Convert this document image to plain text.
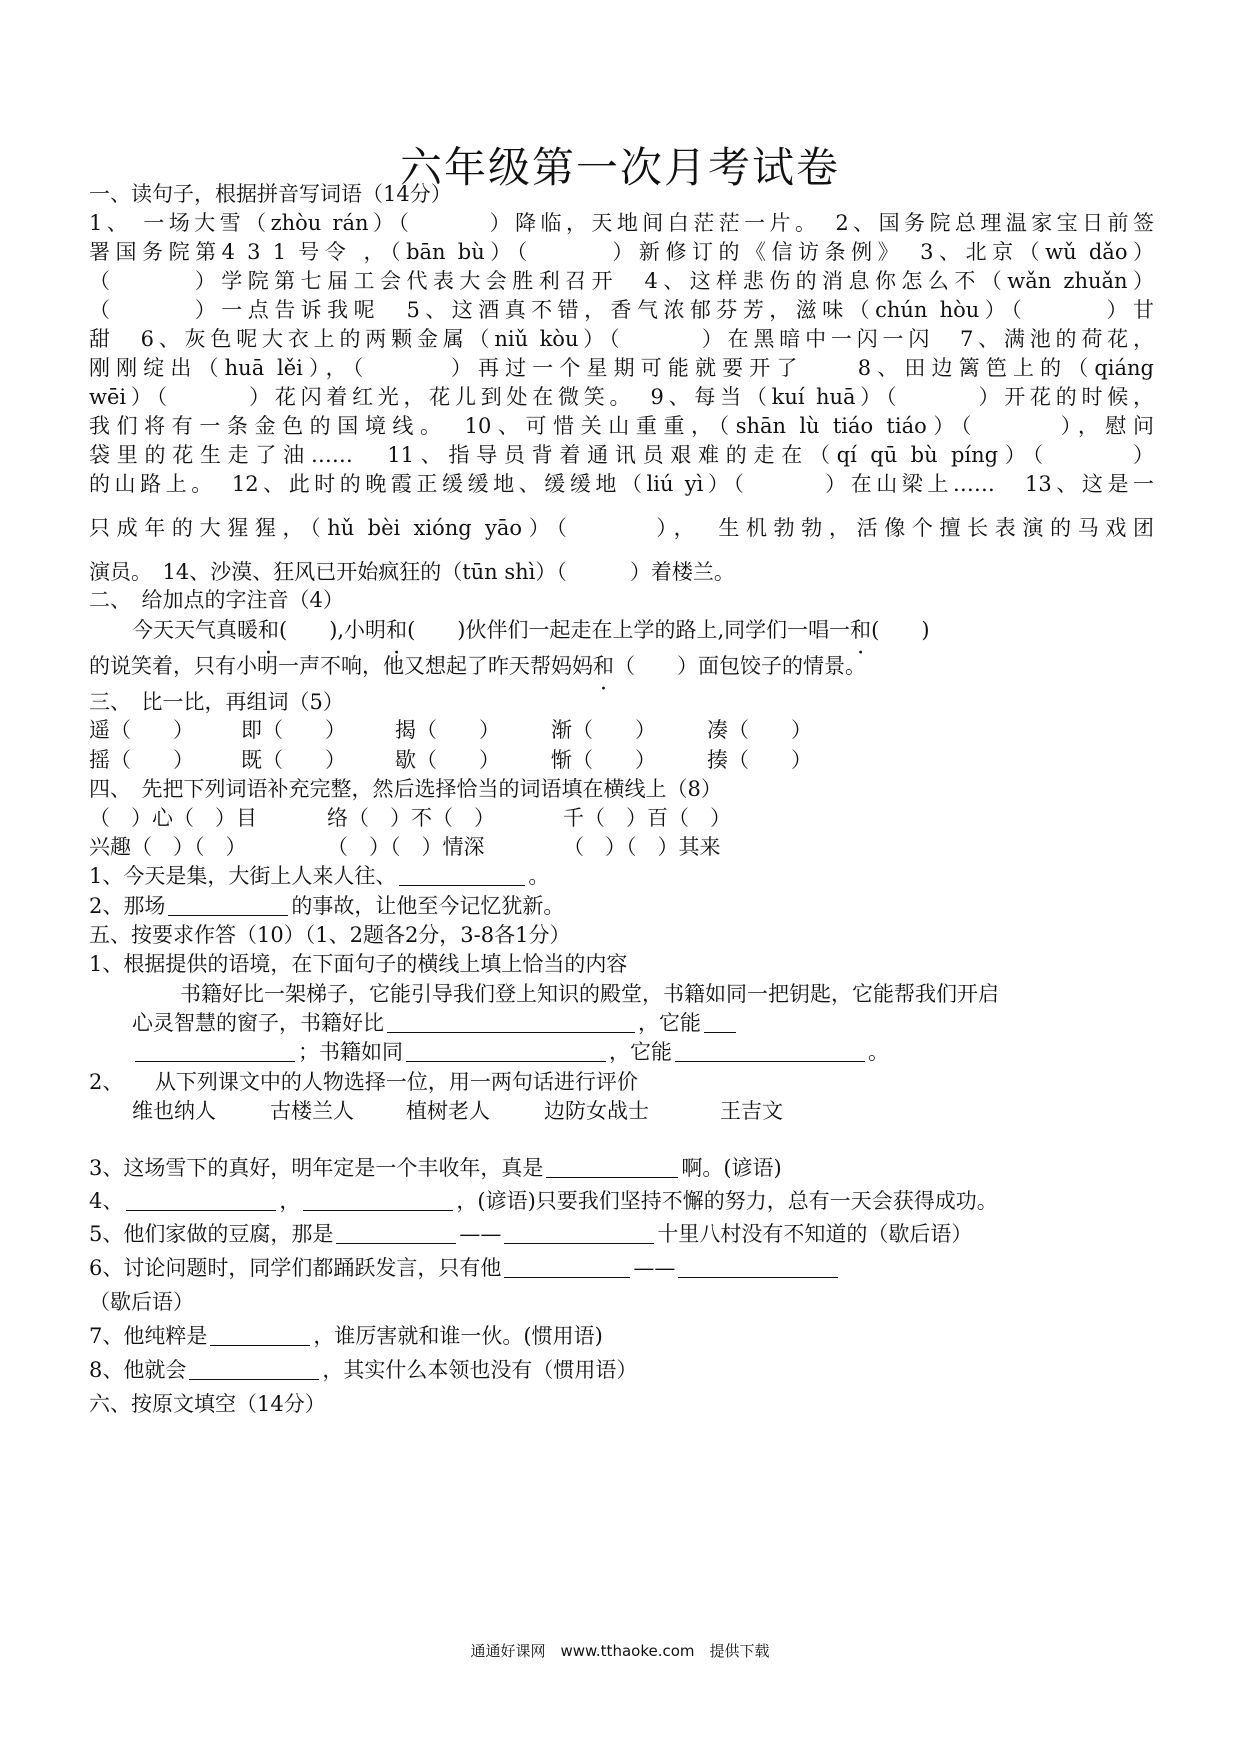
六年级第一次月考试卷
一、读句子，根据拼音写词语（14分）
1、 一场大雪（zhòu rán）（　　　）降临，天地间白茫茫一片。　2、国务院总理温家宝日前签
署国务院第4 3 1 号令 ，（bān bù）（　　　）新修订的《信访条例》　3、北京（wǔ dǎo）
（　　　）学院第七届工会代表大会胜利召开　4、这样悲伤的消息你怎么不（wǎn zhuǎn）
（　　　）一点告诉我呢　5、这酒真不错，香气浓郁芬芳，滋味（chún hòu）（　　　）甘
甜　6、灰色呢大衣上的两颗金属（niǔ kòu）（　　　）在黑暗中一闪一闪　7、满池的荷花，
刚刚绽出（huā lěi），（　　　）再过一个星期可能就要开了　　8、田边篱笆上的（qiáng
wēi）（　　　）花闪着红光，花儿到处在微笑。　9、每当（kuí huā）（　　　）开花的时候，
我们将有一条金色的国境线。　10、可惜关山重重，（shān lù tiáo tiáo）（　　　），慰问
袋里的花生走了油……　11、指导员背着通讯员艰难的走在（qí qū bù píng）（　　　）
的山路上。　12、此时的晚霞正缓缓地、缓缓地（liú yì）（　　　）在山梁上……　13、这是一
只成年的大猩猩，（hǔ bèi xióng yāo）（　　　），　生机勃勃，活像个擅长表演的马戏团
演员。　14、沙漠、狂风已开始疯狂的（tūn shì）（　　　）着楼兰。
二、　给加点的字注音（4）
今天天气真暖和(　　),小明和(　　)伙伴们一起走在上学的路上,同学们一唱一和(　　)
的说笑着，只有小明一声不响，他又想起了昨天帮妈妈和（　　）面包饺子的情景。
三、　比一比，再组词（5）
遥（　　） 即（　　） 揭（　　） 渐（　　） 凑（　　）
摇（　　） 既（　　） 歇（　　） 惭（　　） 揍（　　）
四、　先把下列词语补充完整，然后选择恰当的词语填在横线上（8）
（　）心（　）目	络（　）不（　）	千（　）百（　）
兴趣（　）（　）	（　）（　）情深	（　）（　）其来
1、今天是集，大街上人来人往、	。
2、那场	的事故，让他至今记忆犹新。
五、按要求作答（10）（1、2题各2分，3-8各1分）
1、根据提供的语境，在下面句子的横线上填上恰当的内容
书籍好比一架梯子，它能引导我们登上知识的殿堂，书籍如同一把钥匙，它能帮我们开启
心灵智慧的窗子，书籍好比	，它能
；书籍如同	，它能	。
2、　　从下列课文中的人物选择一位，用一两句话进行评价
维也纳人	古楼兰人 植树老人	边防女战士	王吉文
3、这场雪下的真好，明年定是一个丰收年，真是	啊。(谚语)
4、	，	，(谚语)只要我们坚持不懈的努力，总有一天会获得成功。
5、他们家做的豆腐，那是	——	十里八村没有不知道的（歇后语）
6、讨论问题时，同学们都踊跃发言，只有他	——
（歇后语）
7、他纯粹是	，谁厉害就和谁一伙。(惯用语)
8、他就会	，其实什么本领也没有（惯用语）
六、按原文填空（14分）
通通好课网　www.tthaoke.com　提供下载
